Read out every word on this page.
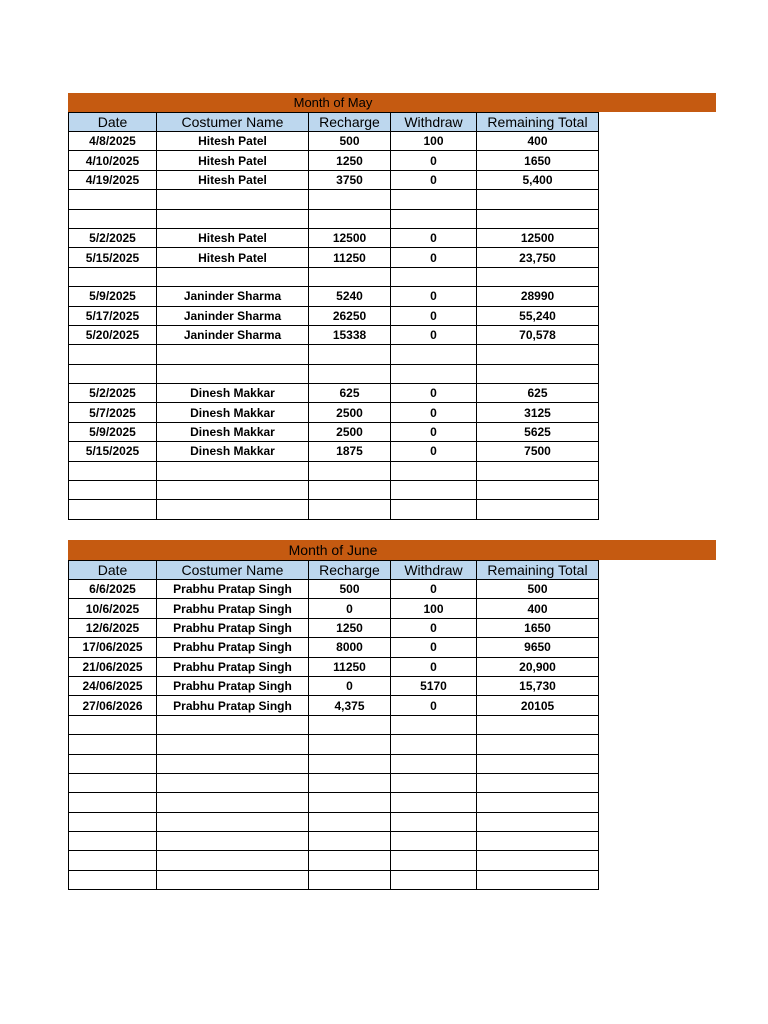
Month of May
Date	Costumer Name	Recharge	Withdraw	Remaining Total
4/8/2025	Hitesh Patel	500	100	400
4/10/2025	Hitesh Patel	1250	0	1650
4/19/2025	Hitesh Patel	3750	0	5,400

5/2/2025	Hitesh Patel	12500	0	12500
5/15/2025	Hitesh Patel	11250	0	23,750

5/9/2025	Janinder Sharma	5240	0	28990
5/17/2025	Janinder Sharma	26250	0	55,240
5/20/2025	Janinder Sharma	15338	0	70,578

5/2/2025	Dinesh Makkar	625	0	625
5/7/2025	Dinesh Makkar	2500	0	3125
5/9/2025	Dinesh Makkar	2500	0	5625
5/15/2025	Dinesh Makkar	1875	0	7500

Month of June
Date	Costumer Name	Recharge	Withdraw	Remaining Total
6/6/2025	Prabhu Pratap Singh	500	0	500
10/6/2025	Prabhu Pratap Singh	0	100	400
12/6/2025	Prabhu Pratap Singh	1250	0	1650
17/06/2025	Prabhu Pratap Singh	8000	0	9650
21/06/2025	Prabhu Pratap Singh	11250	0	20,900
24/06/2025	Prabhu Pratap Singh	0	5170	15,730
27/06/2026	Prabhu Pratap Singh	4,375	0	20105
